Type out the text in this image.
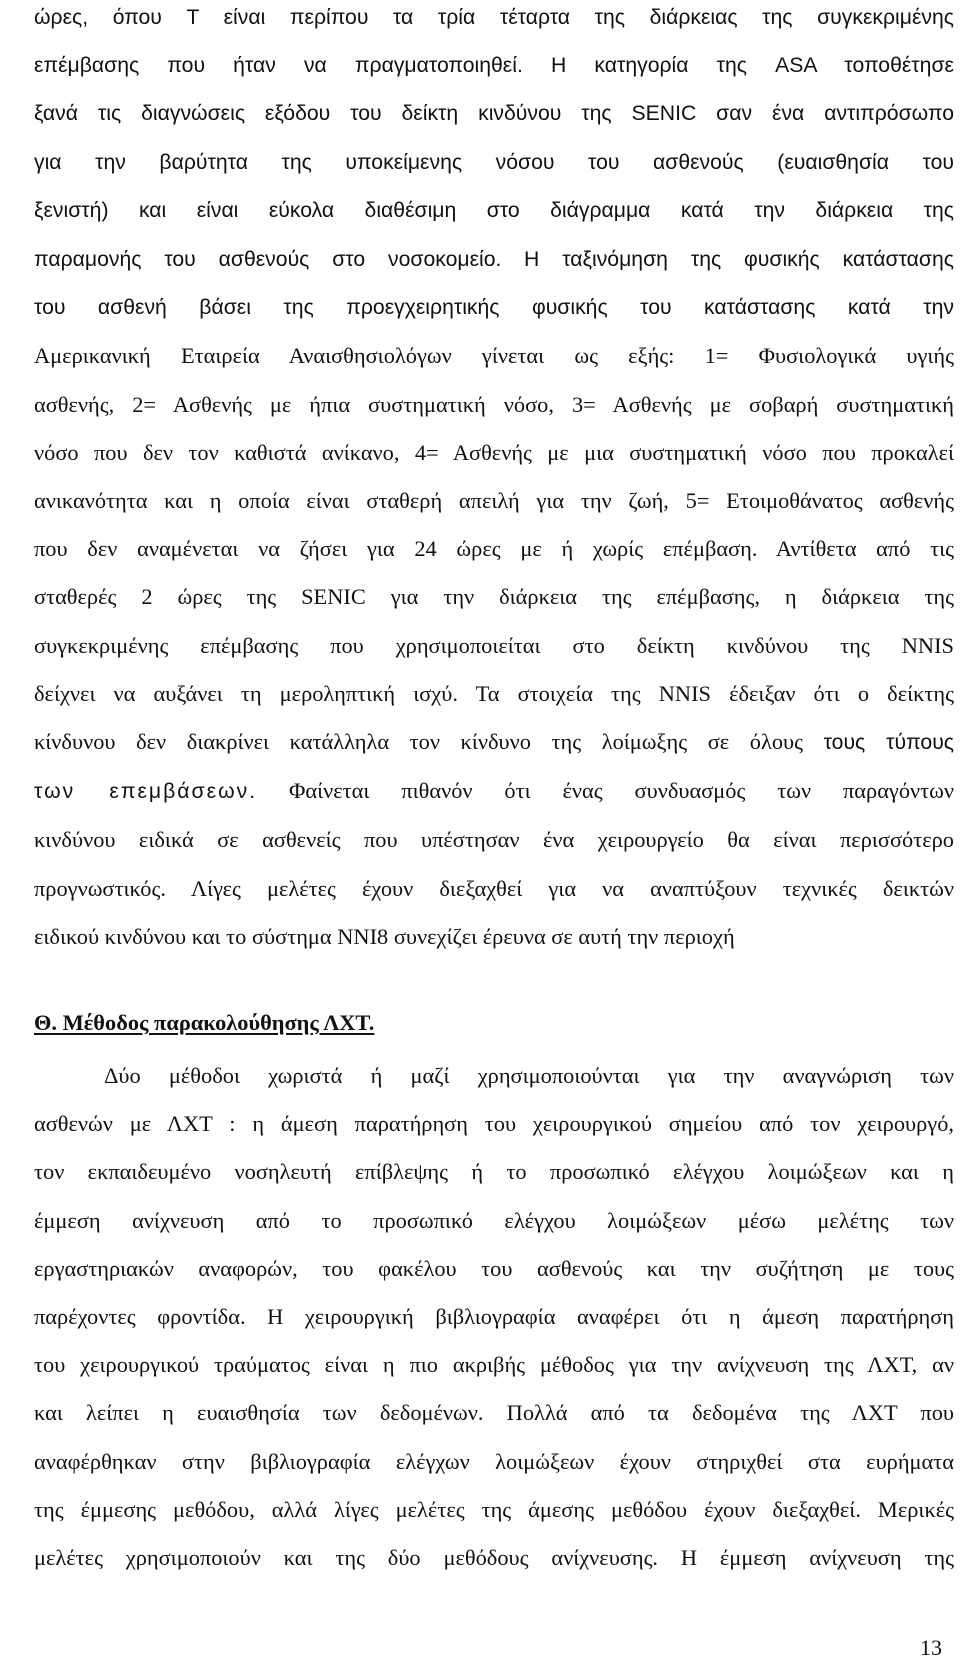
ώρες, όπου T είναι περίπου τα τρία τέταρτα της διάρκειας της συγκεκριμένης
επέμβασης που ήταν να πραγματοποιηθεί. Η κατηγορία της ASA τοποθέτησε
ξανά τις διαγνώσεις εξόδου του δείκτη κινδύνου της SENIC σαν ένα αντιπρόσωπο
για την βαρύτητα της υποκείμενης νόσου του ασθενούς (ευαισθησία του
ξενιστή) και είναι εύκολα διαθέσιμη στο διάγραμμα κατά την διάρκεια της
παραμονής του ασθενούς στο νοσοκομείο. Η ταξινόμηση της φυσικής κατάστασης
του ασθενή βάσει της προεγχειρητικής φυσικής του κατάστασης κατά την
Αμερικανική Εταιρεία Αναισθησιολόγων γίνεται ως εξής: 1= Φυσιολογικά υγιής
ασθενής, 2= Ασθενής με ήπια συστηματική νόσο, 3= Ασθενής με σοβαρή συστηματική
νόσο που δεν τον καθιστά ανίκανο, 4= Ασθενής με μια συστηματική νόσο που προκαλεί
ανικανότητα και η οποία είναι σταθερή απειλή για την ζωή, 5= Ετοιμοθάνατος ασθενής
που δεν αναμένεται να ζήσει για 24 ώρες με ή χωρίς επέμβαση. Αντίθετα από τις
σταθερές 2 ώρες της SENIC για την διάρκεια της επέμβασης, η διάρκεια της
συγκεκριμένης επέμβασης που χρησιμοποιείται στο δείκτη κινδύνου της NNIS
δείχνει να αυξάνει τη μεροληπτική ισχύ. Τα στοιχεία της NNIS έδειξαν ότι ο δείκτης
κίνδυνου δεν διακρίνει κατάλληλα τον κίνδυνο της λοίμωξης σε όλους τους τύπους
των επεμβάσεων. Φαίνεται πιθανόν ότι ένας συνδυασμός των παραγόντων
κινδύνου ειδικά σε ασθενείς που υπέστησαν ένα χειρουργείο θα είναι περισσότερο
προγνωστικός. Λίγες μελέτες έχουν διεξαχθεί για να αναπτύξουν τεχνικές δεικτών
ειδικού κινδύνου και το σύστημα NNI8 συνεχίζει έρευνα σε αυτή την περιοχή
Θ. Μέθοδος παρακολούθησης ΛΧΤ.
Δύο μέθοδοι χωριστά ή μαζί χρησιμοποιούνται για την αναγνώριση των
ασθενών με ΛΧΤ : η άμεση παρατήρηση του χειρουργικού σημείου από τον χειρουργό,
τον εκπαιδευμένο νοσηλευτή επίβλεψης ή το προσωπικό ελέγχου λοιμώξεων και η
έμμεση ανίχνευση από το προσωπικό ελέγχου λοιμώξεων μέσω μελέτης των
εργαστηριακών αναφορών, του φακέλου του ασθενούς και την συζήτηση με τους
παρέχοντες φροντίδα. Η χειρουργική βιβλιογραφία αναφέρει ότι η άμεση παρατήρηση
του χειρουργικού τραύματος είναι η πιο ακριβής μέθοδος για την ανίχνευση της ΛΧΤ, αν
και λείπει η ευαισθησία των δεδομένων. Πολλά από τα δεδομένα της ΛΧΤ που
αναφέρθηκαν στην βιβλιογραφία ελέγχων λοιμώξεων έχουν στηριχθεί στα ευρήματα
της έμμεσης μεθόδου, αλλά λίγες μελέτες της άμεσης μεθόδου έχουν διεξαχθεί. Μερικές
μελέτες χρησιμοποιούν και της δύο μεθόδους ανίχνευσης. Η έμμεση ανίχνευση της
13
